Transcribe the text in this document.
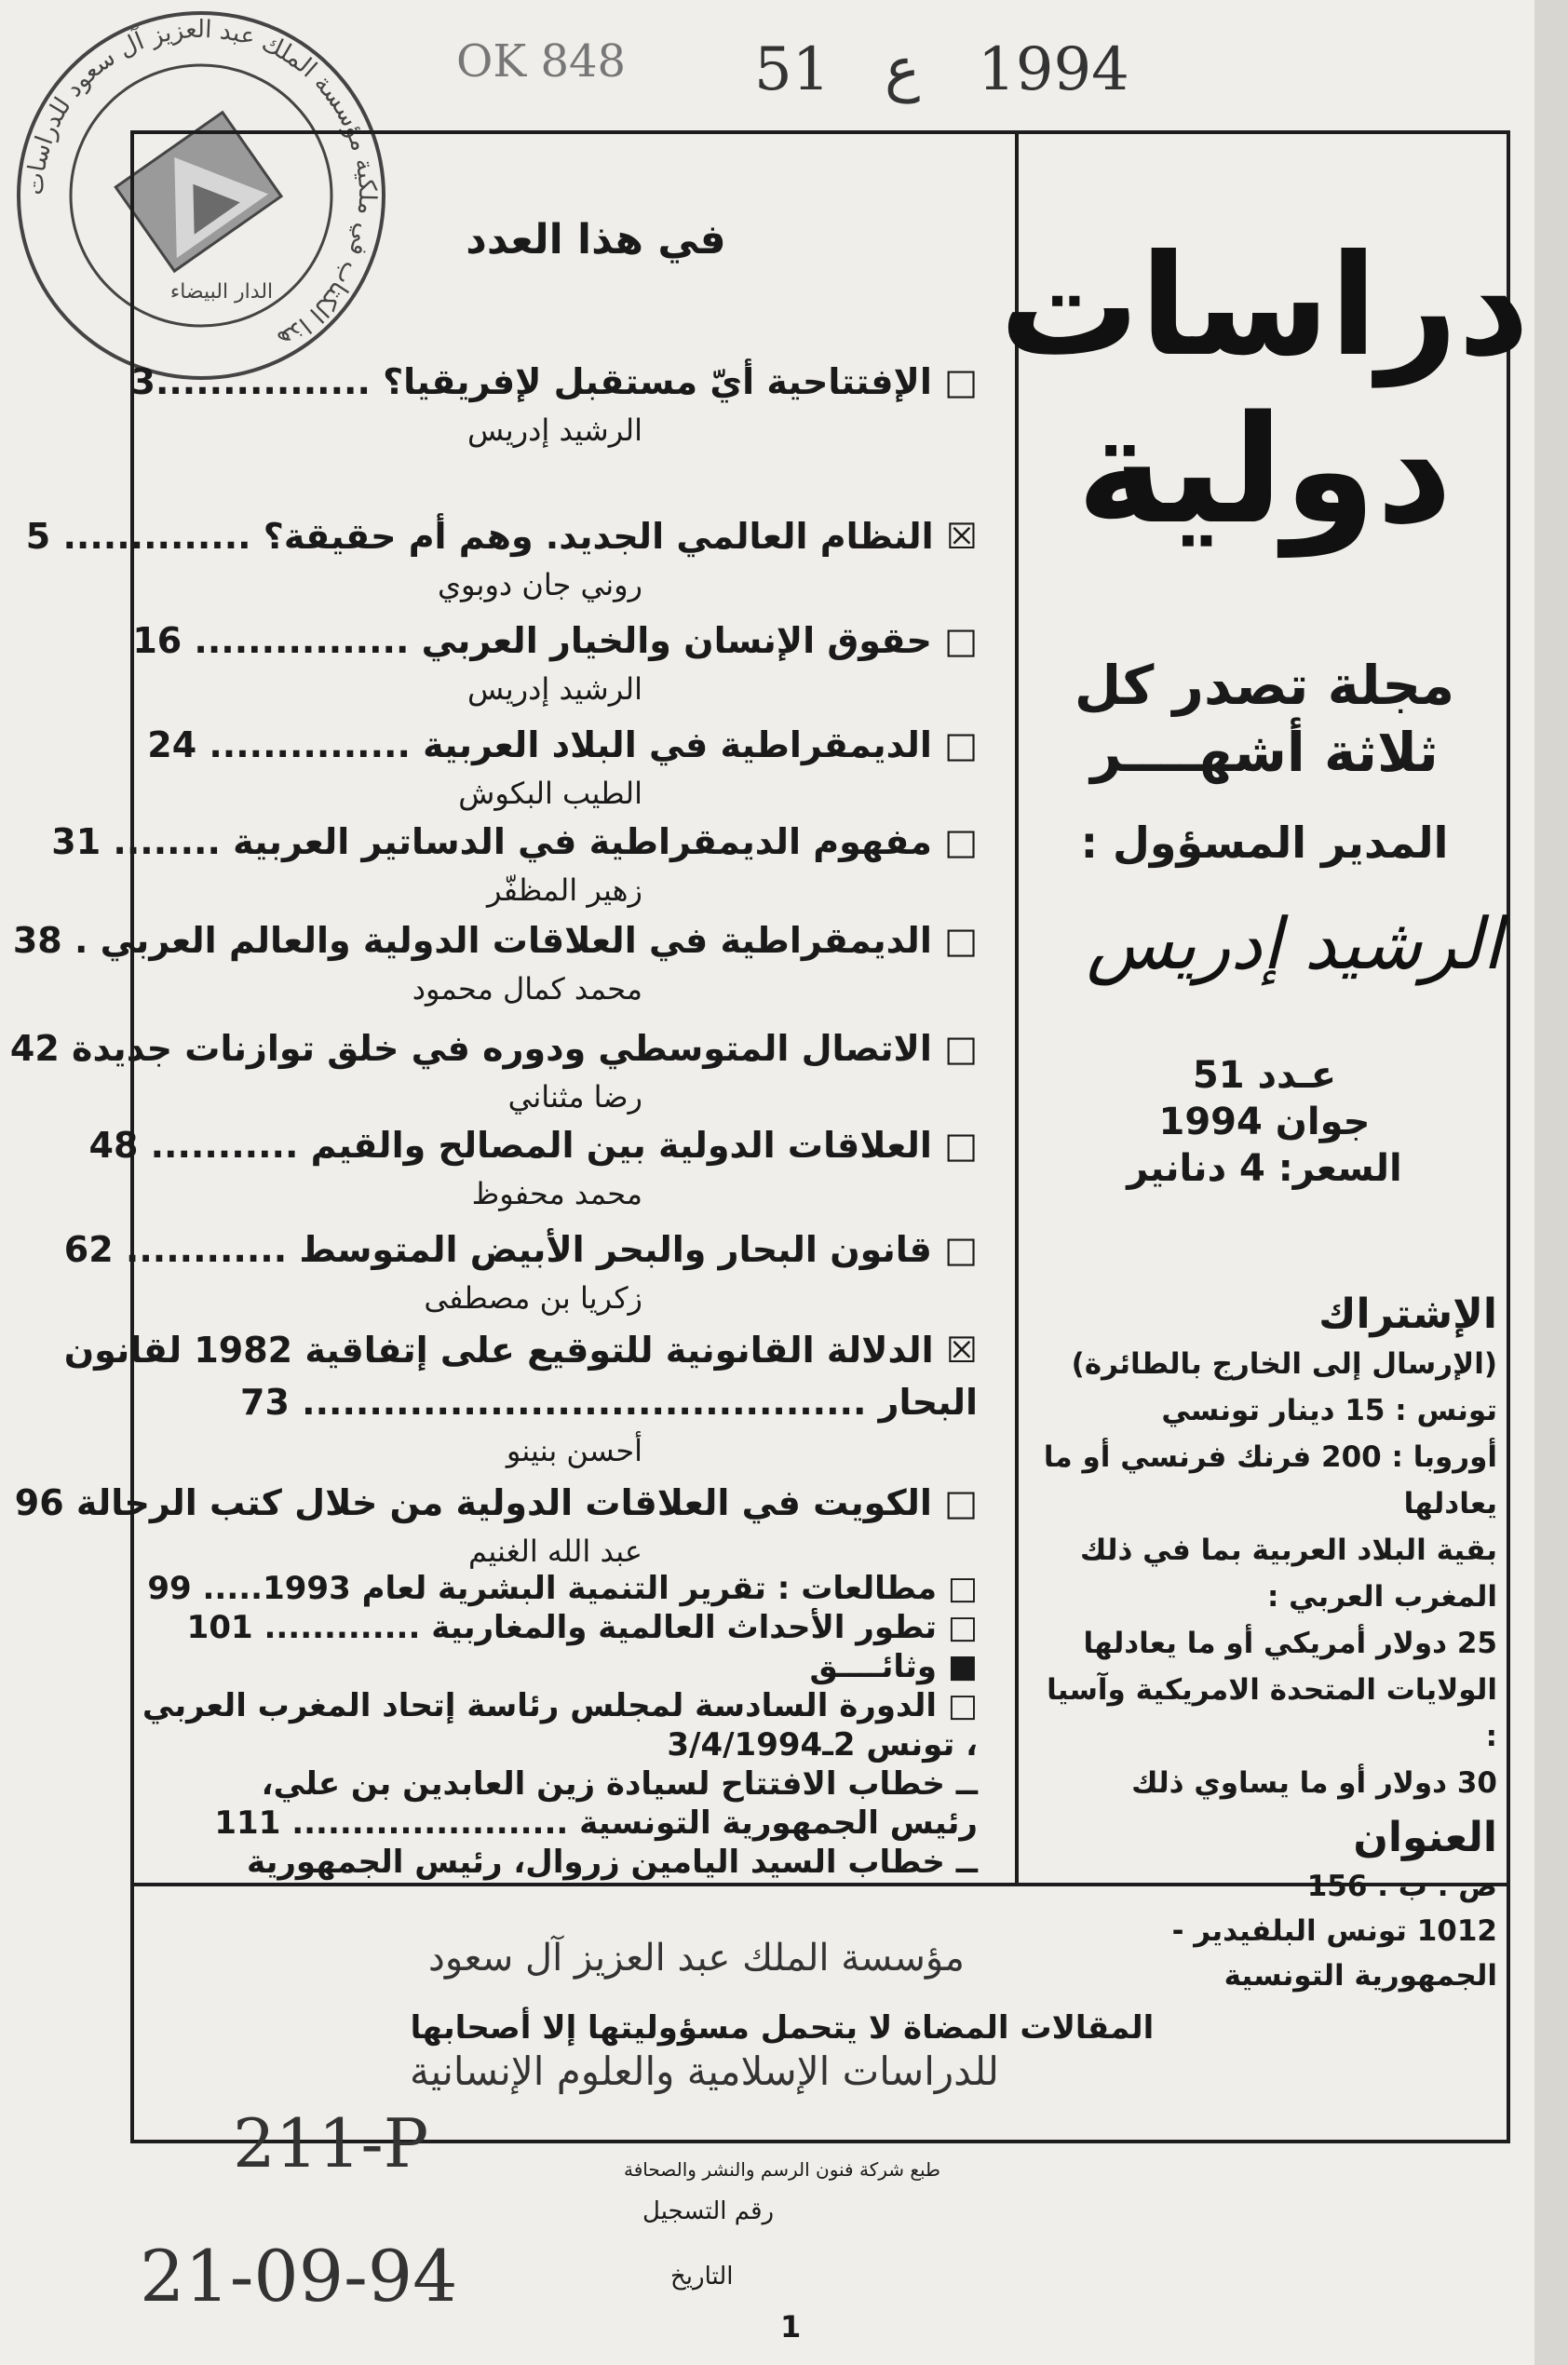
OK 848 51 ع 1994
هذا الكتاب في ملكية مؤسسة الملك عبد العزيز آل سعود للدراسات
الدار البيضاء
في هذا العدد
□ الإفتتاحية أيّ مستقبل لإفريقيا؟ ................3
الرشيد إدريس
☒ النظام العالمي الجديد. وهم أم حقيقة؟ .............. 5
روني جان دوبوي
□ حقوق الإنسان والخيار العربي ................ 16
الرشيد إدريس
□ الديمقراطية في البلاد العربية ............... 24
الطيب البكوش
□ مفهوم الديمقراطية في الدساتير العربية ........ 31
زهير المظفّر
□ الديمقراطية في العلاقات الدولية والعالم العربي . 38
محمد كمال محمود
□ الاتصال المتوسطي ودوره في خلق توازنات جديدة 42
رضا مثناني
□ العلاقات الدولية بين المصالح والقيم ........... 48
محمد محفوظ
□ قانون البحار والبحر الأبيض المتوسط ............ 62
زكريا بن مصطفى
☒ الدلالة القانونية للتوقيع على إتفاقية 1982 لقانون
البحار .......................................... 73
أحسن بنينو
□ الكويت في العلاقات الدولية من خلال كتب الرحالة 96
عبد الله الغنيم
□ مطالعات : تقرير التنمية البشرية لعام 1993..... 99
□ تطور الأحداث العالمية والمغاربية ............. 101
■ وثائــــق
□ الدورة السادسة لمجلس رئاسة إتحاد المغرب العربي
، تونس 2ـ3/4/1994
ــ خطاب الافتتاح لسيادة زين العابدين بن علي،
دراسات
دولية
مجلة تصدر كل
ثلاثة أشهــــر
المدير المسؤول :
الرشيد إدريس
عـدد 51
جوان 1994
السعر: 4 دنانير
الإشتراك
(الإرسال إلى الخارج بالطائرة)
تونس : 15 دينار تونسي
أوروبا : 200 فرنك فرنسي أو ما يعادلها
بقية البلاد العربية بما في ذلك المغرب العربي :
25 دولار أمريكي أو ما يعادلها
الولايات المتحدة الامريكية وآسيا :
30 دولار أو ما يساوي ذلك
العنوان
ص . ب . 156
1012 تونس البلفيدير -
الجمهورية التونسية
مؤسسة الملك عبد العزيز آل سعود
المقالات المضاة لا يتحمل مسؤوليتها إلا أصحابها
للدراسات الإسلامية والعلوم الإنسانية
211-P	طبع شركة فنون الرسم والنشر والصحافة
رقم التسجيل
21-09-94	التاريخ
1
رئيس الجمهورية التونسية ....................... 111
ــ خطاب السيد اليامين زروال، رئيس الجمهورية
